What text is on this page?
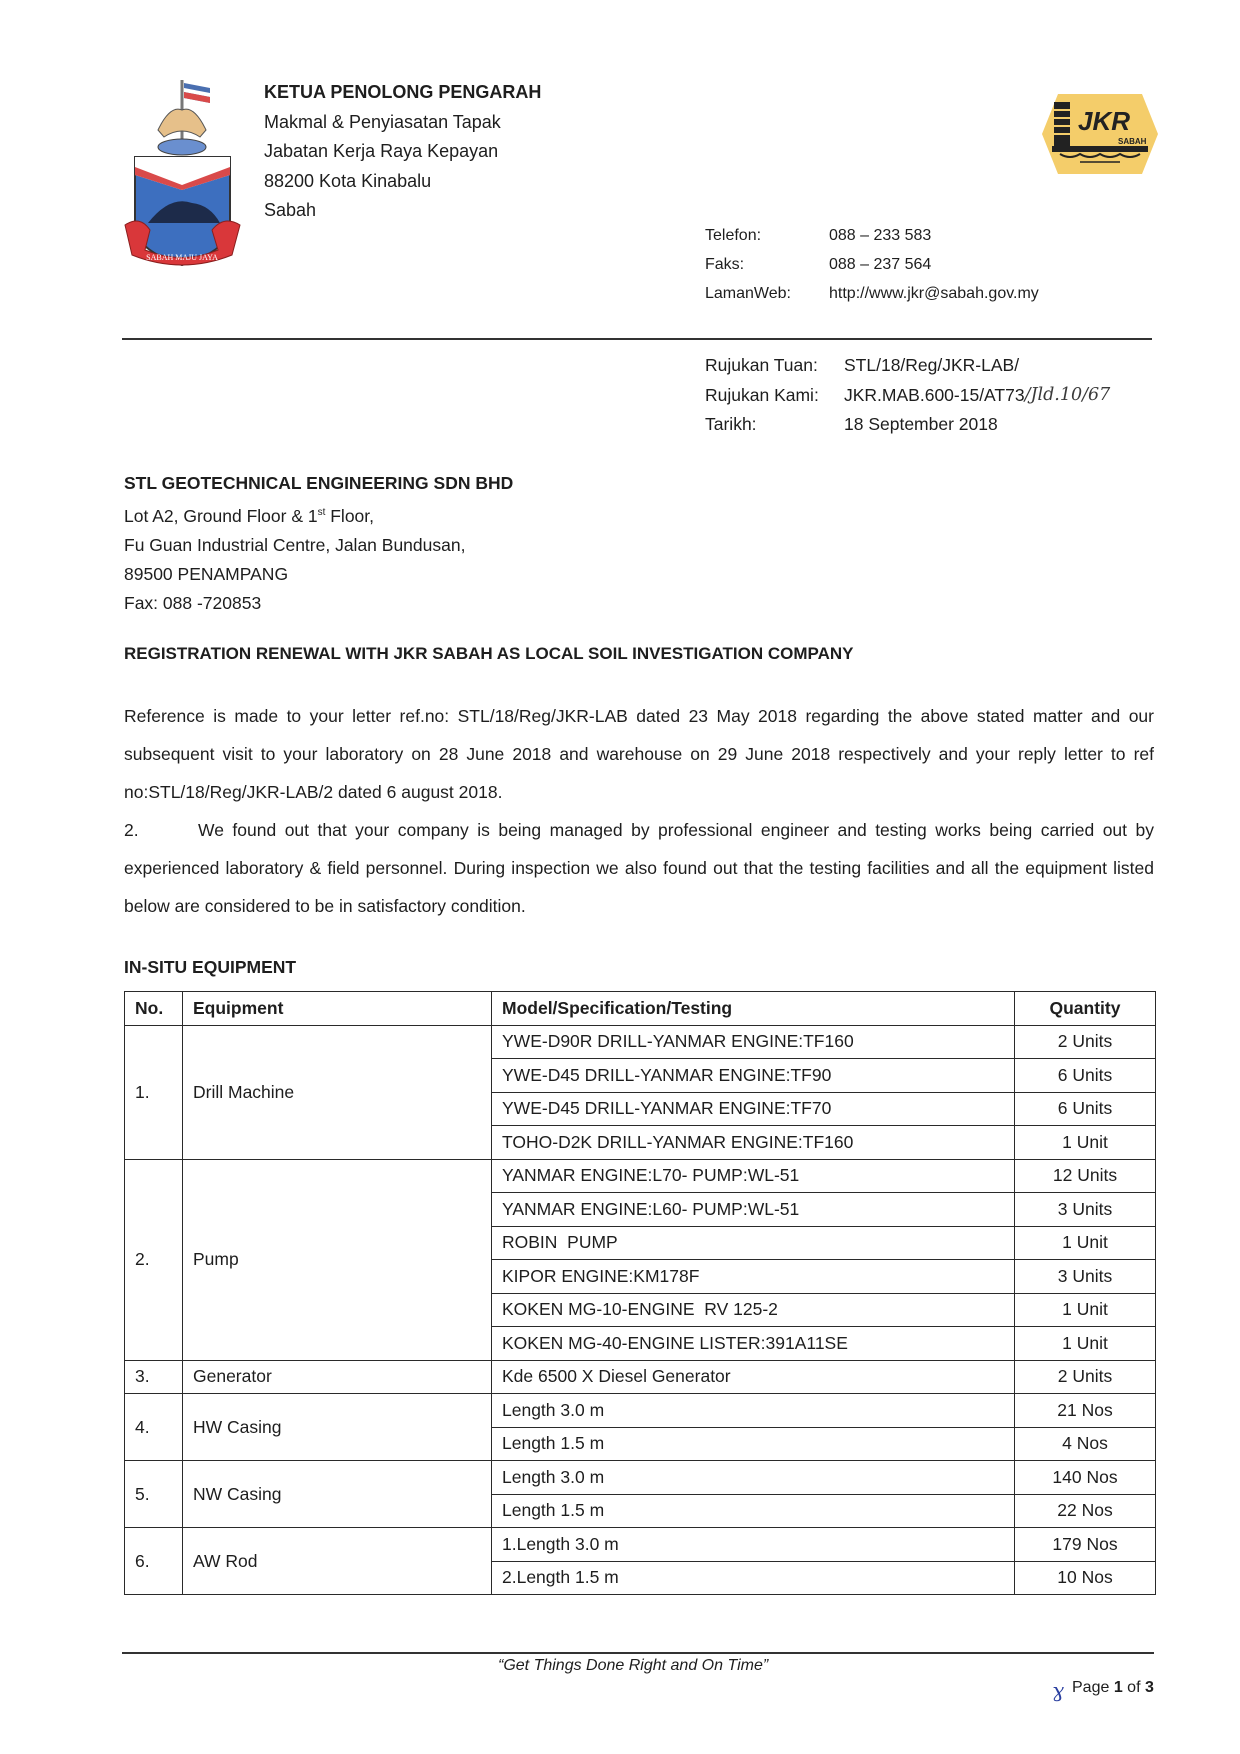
SABAH MAJU JAYA
KETUA PENOLONG PENGARAH
Makmal & Penyiasatan Tapak
Jabatan Kerja Raya Kepayan
88200 Kota Kinabalu
Sabah
JKR
SABAH
Telefon:	088 – 233 583
Faks:	088 – 237 564
LamanWeb:	http://www.jkr@sabah.gov.my
Rujukan Tuan:	STL/18/Reg/JKR-LAB/
Rujukan Kami:	JKR.MAB.600-15/AT73 /Jld.10/67
Tarikh:	18 September 2018
STL GEOTECHNICAL ENGINEERING SDN BHD
Lot A2, Ground Floor & 1st Floor,
Fu Guan Industrial Centre, Jalan Bundusan,
89500 PENAMPANG
Fax: 088 -720853
REGISTRATION RENEWAL WITH JKR SABAH AS LOCAL SOIL INVESTIGATION COMPANY

Reference is made to your letter ref.no: STL/18/Reg/JKR-LAB dated 23 May 2018 regarding the above stated matter and our subsequent visit to your laboratory on 28 June 2018 and warehouse on 29 June 2018 respectively and your reply letter to ref no:STL/18/Reg/JKR-LAB/2 dated 6 august 2018.

2.	We found out that your company is being managed by professional engineer and testing works being carried out by experienced laboratory & field personnel. During inspection we also found out that the testing facilities and all the equipment listed below are considered to be in satisfactory condition.

IN-SITU EQUIPMENT
No.	Equipment	Model/Specification/Testing	Quantity
1.	Drill Machine	YWE-D90R DRILL-YANMAR ENGINE:TF160	2 Units
		YWE-D45 DRILL-YANMAR ENGINE:TF90	6 Units
		YWE-D45 DRILL-YANMAR ENGINE:TF70	6 Units
		TOHO-D2K DRILL-YANMAR ENGINE:TF160	1 Unit
2.	Pump	YANMAR ENGINE:L70- PUMP:WL-51	12 Units
		YANMAR ENGINE:L60- PUMP:WL-51	3 Units
		ROBIN  PUMP	1 Unit
		KIPOR ENGINE:KM178F	3 Units
		KOKEN MG-10-ENGINE  RV 125-2	1 Unit
		KOKEN MG-40-ENGINE LISTER:391A11SE	1 Unit
3.	Generator	Kde 6500 X Diesel Generator	2 Units
4.	HW Casing	Length 3.0 m	21 Nos
		Length 1.5 m	4 Nos
5.	NW Casing	Length 3.0 m	140 Nos
		Length 1.5 m	22 Nos
6.	AW Rod	1.Length 3.0 m	179 Nos
		2.Length 1.5 m	10 Nos
“Get Things Done Right and On Time”
ɣ Page 1 of 3
